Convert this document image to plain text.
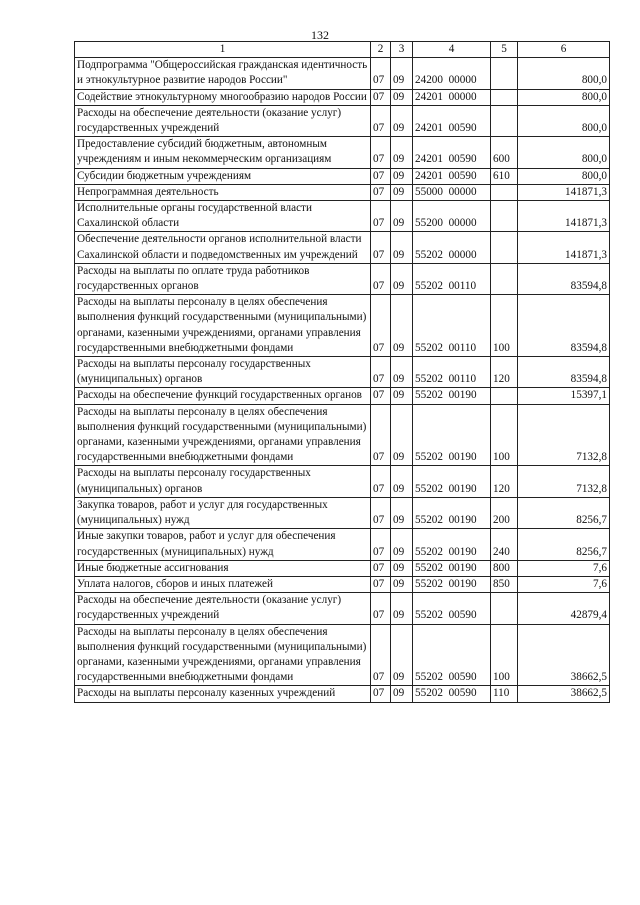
132
1	2	3	4	5	6
Подпрограмма "Общероссийская гражданская идентичность и этнокультурное развитие народов России"	07	09	24200  00000		800,0
Содействие этнокультурному многообразию народов России	07	09	24201  00000		800,0
Расходы на обеспечение деятельности (оказание услуг) государственных учреждений	07	09	24201  00590		800,0
Предоставление субсидий бюджетным, автономным учреждениям и иным некоммерческим организациям	07	09	24201  00590	600	800,0
Субсидии бюджетным учреждениям	07	09	24201  00590	610	800,0
Непрограммная деятельность	07	09	55000  00000		141871,3
Исполнительные органы государственной власти Сахалинской области	07	09	55200  00000		141871,3
Обеспечение деятельности органов исполнительной власти Сахалинской области и подведомственных им учреждений	07	09	55202  00000		141871,3
Расходы на выплаты по оплате труда работников государственных органов	07	09	55202  00110		83594,8
Расходы на выплаты персоналу в целях обеспечения выполнения функций государственными (муниципальными) органами, казенными учреждениями, органами управления государственными внебюджетными фондами	07	09	55202  00110	100	83594,8
Расходы на выплаты персоналу государственных (муниципальных) органов	07	09	55202  00110	120	83594,8
Расходы на обеспечение функций государственных органов	07	09	55202  00190		15397,1
Расходы на выплаты персоналу в целях обеспечения выполнения функций государственными (муниципальными) органами, казенными учреждениями, органами управления государственными внебюджетными фондами	07	09	55202  00190	100	7132,8
Расходы на выплаты персоналу государственных (муниципальных) органов	07	09	55202  00190	120	7132,8
Закупка товаров, работ и услуг для государственных (муниципальных) нужд	07	09	55202  00190	200	8256,7
Иные закупки товаров, работ и услуг для обеспечения государственных (муниципальных) нужд	07	09	55202  00190	240	8256,7
Иные бюджетные ассигнования	07	09	55202  00190	800	7,6
Уплата налогов, сборов и иных платежей	07	09	55202  00190	850	7,6
Расходы на обеспечение деятельности (оказание услуг) государственных учреждений	07	09	55202  00590		42879,4
Расходы на выплаты персоналу в целях обеспечения выполнения функций государственными (муниципальными) органами, казенными учреждениями, органами управления государственными внебюджетными фондами	07	09	55202  00590	100	38662,5
Расходы на выплаты персоналу казенных учреждений	07	09	55202  00590	110	38662,5
